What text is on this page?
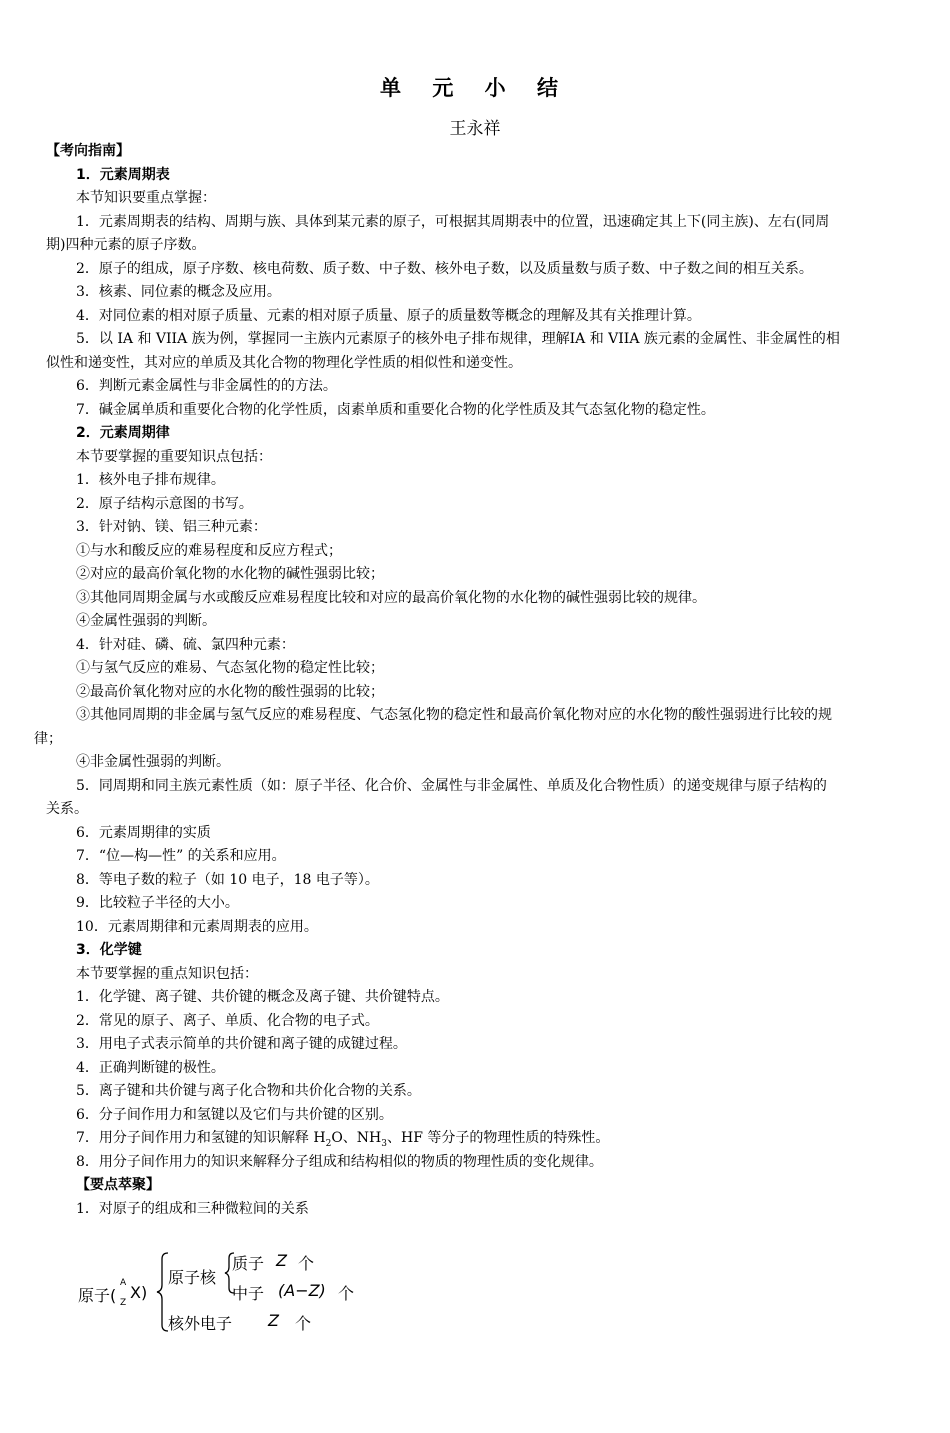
单 元 小 结
王永祥
【考向指南】
1．元素周期表
本节知识要重点掌握：
1．元素周期表的结构、周期与族、具体到某元素的原子，可根据其周期表中的位置，迅速确定其上下(同主族)、左右(同周
期)四种元素的原子序数。
2．原子的组成，原子序数、核电荷数、质子数、中子数、核外电子数，以及质量数与质子数、中子数之间的相互关系。
3．核素、同位素的概念及应用。
4．对同位素的相对原子质量、元素的相对原子质量、原子的质量数等概念的理解及其有关推理计算。
5．以 IA 和 VIIA 族为例，掌握同一主族内元素原子的核外电子排布规律，理解IA 和 VIIA 族元素的金属性、非金属性的相
似性和递变性，其对应的单质及其化合物的物理化学性质的相似性和递变性。
6．判断元素金属性与非金属性的的方法。
7．碱金属单质和重要化合物的化学性质，卤素单质和重要化合物的化学性质及其气态氢化物的稳定性。
2．元素周期律
本节要掌握的重要知识点包括：
1．核外电子排布规律。
2．原子结构示意图的书写。
3．针对钠、镁、铝三种元素：
①与水和酸反应的难易程度和反应方程式；
②对应的最高价氧化物的水化物的碱性强弱比较；
③其他同周期金属与水或酸反应难易程度比较和对应的最高价氧化物的水化物的碱性强弱比较的规律。
④金属性强弱的判断。
4．针对硅、磷、硫、氯四种元素：
①与氢气反应的难易、气态氢化物的稳定性比较；
②最高价氧化物对应的水化物的酸性强弱的比较；
③其他同周期的非金属与氢气反应的难易程度、气态氢化物的稳定性和最高价氧化物对应的水化物的酸性强弱进行比较的规
律；
④非金属性强弱的判断。
5．同周期和同主族元素性质（如：原子半径、化合价、金属性与非金属性、单质及化合物性质）的递变规律与原子结构的
关系。
6．元素周期律的实质
7．“位—构—性” 的关系和应用。
8．等电子数的粒子（如 10 电子，18 电子等）。
9．比较粒子半径的大小。
10．元素周期律和元素周期表的应用。
3．化学键
本节要掌握的重点知识包括：
1．化学键、离子键、共价键的概念及离子键、共价键特点。
2．常见的原子、离子、单质、化合物的电子式。
3．用电子式表示简单的共价键和离子键的成键过程。
4．正确判断键的极性。
5．离子键和共价键与离子化合物和共价化合物的关系。
6．分子间作用力和氢键以及它们与共价键的区别。
7．用分子间作用力和氢键的知识解释 $H_2O$、$NH_3$、HF 等分子的物理性质的特殊性。
8．用分子间作用力的知识来解释分子组成和结构相似的物质的物理性质的变化规律。
【要点萃聚】
1．对原子的组成和三种微粒间的关系
原子(
A
Z
X)
原子核
质子 Z 个
中子 (A−Z) 个
核外电子 Z 个
